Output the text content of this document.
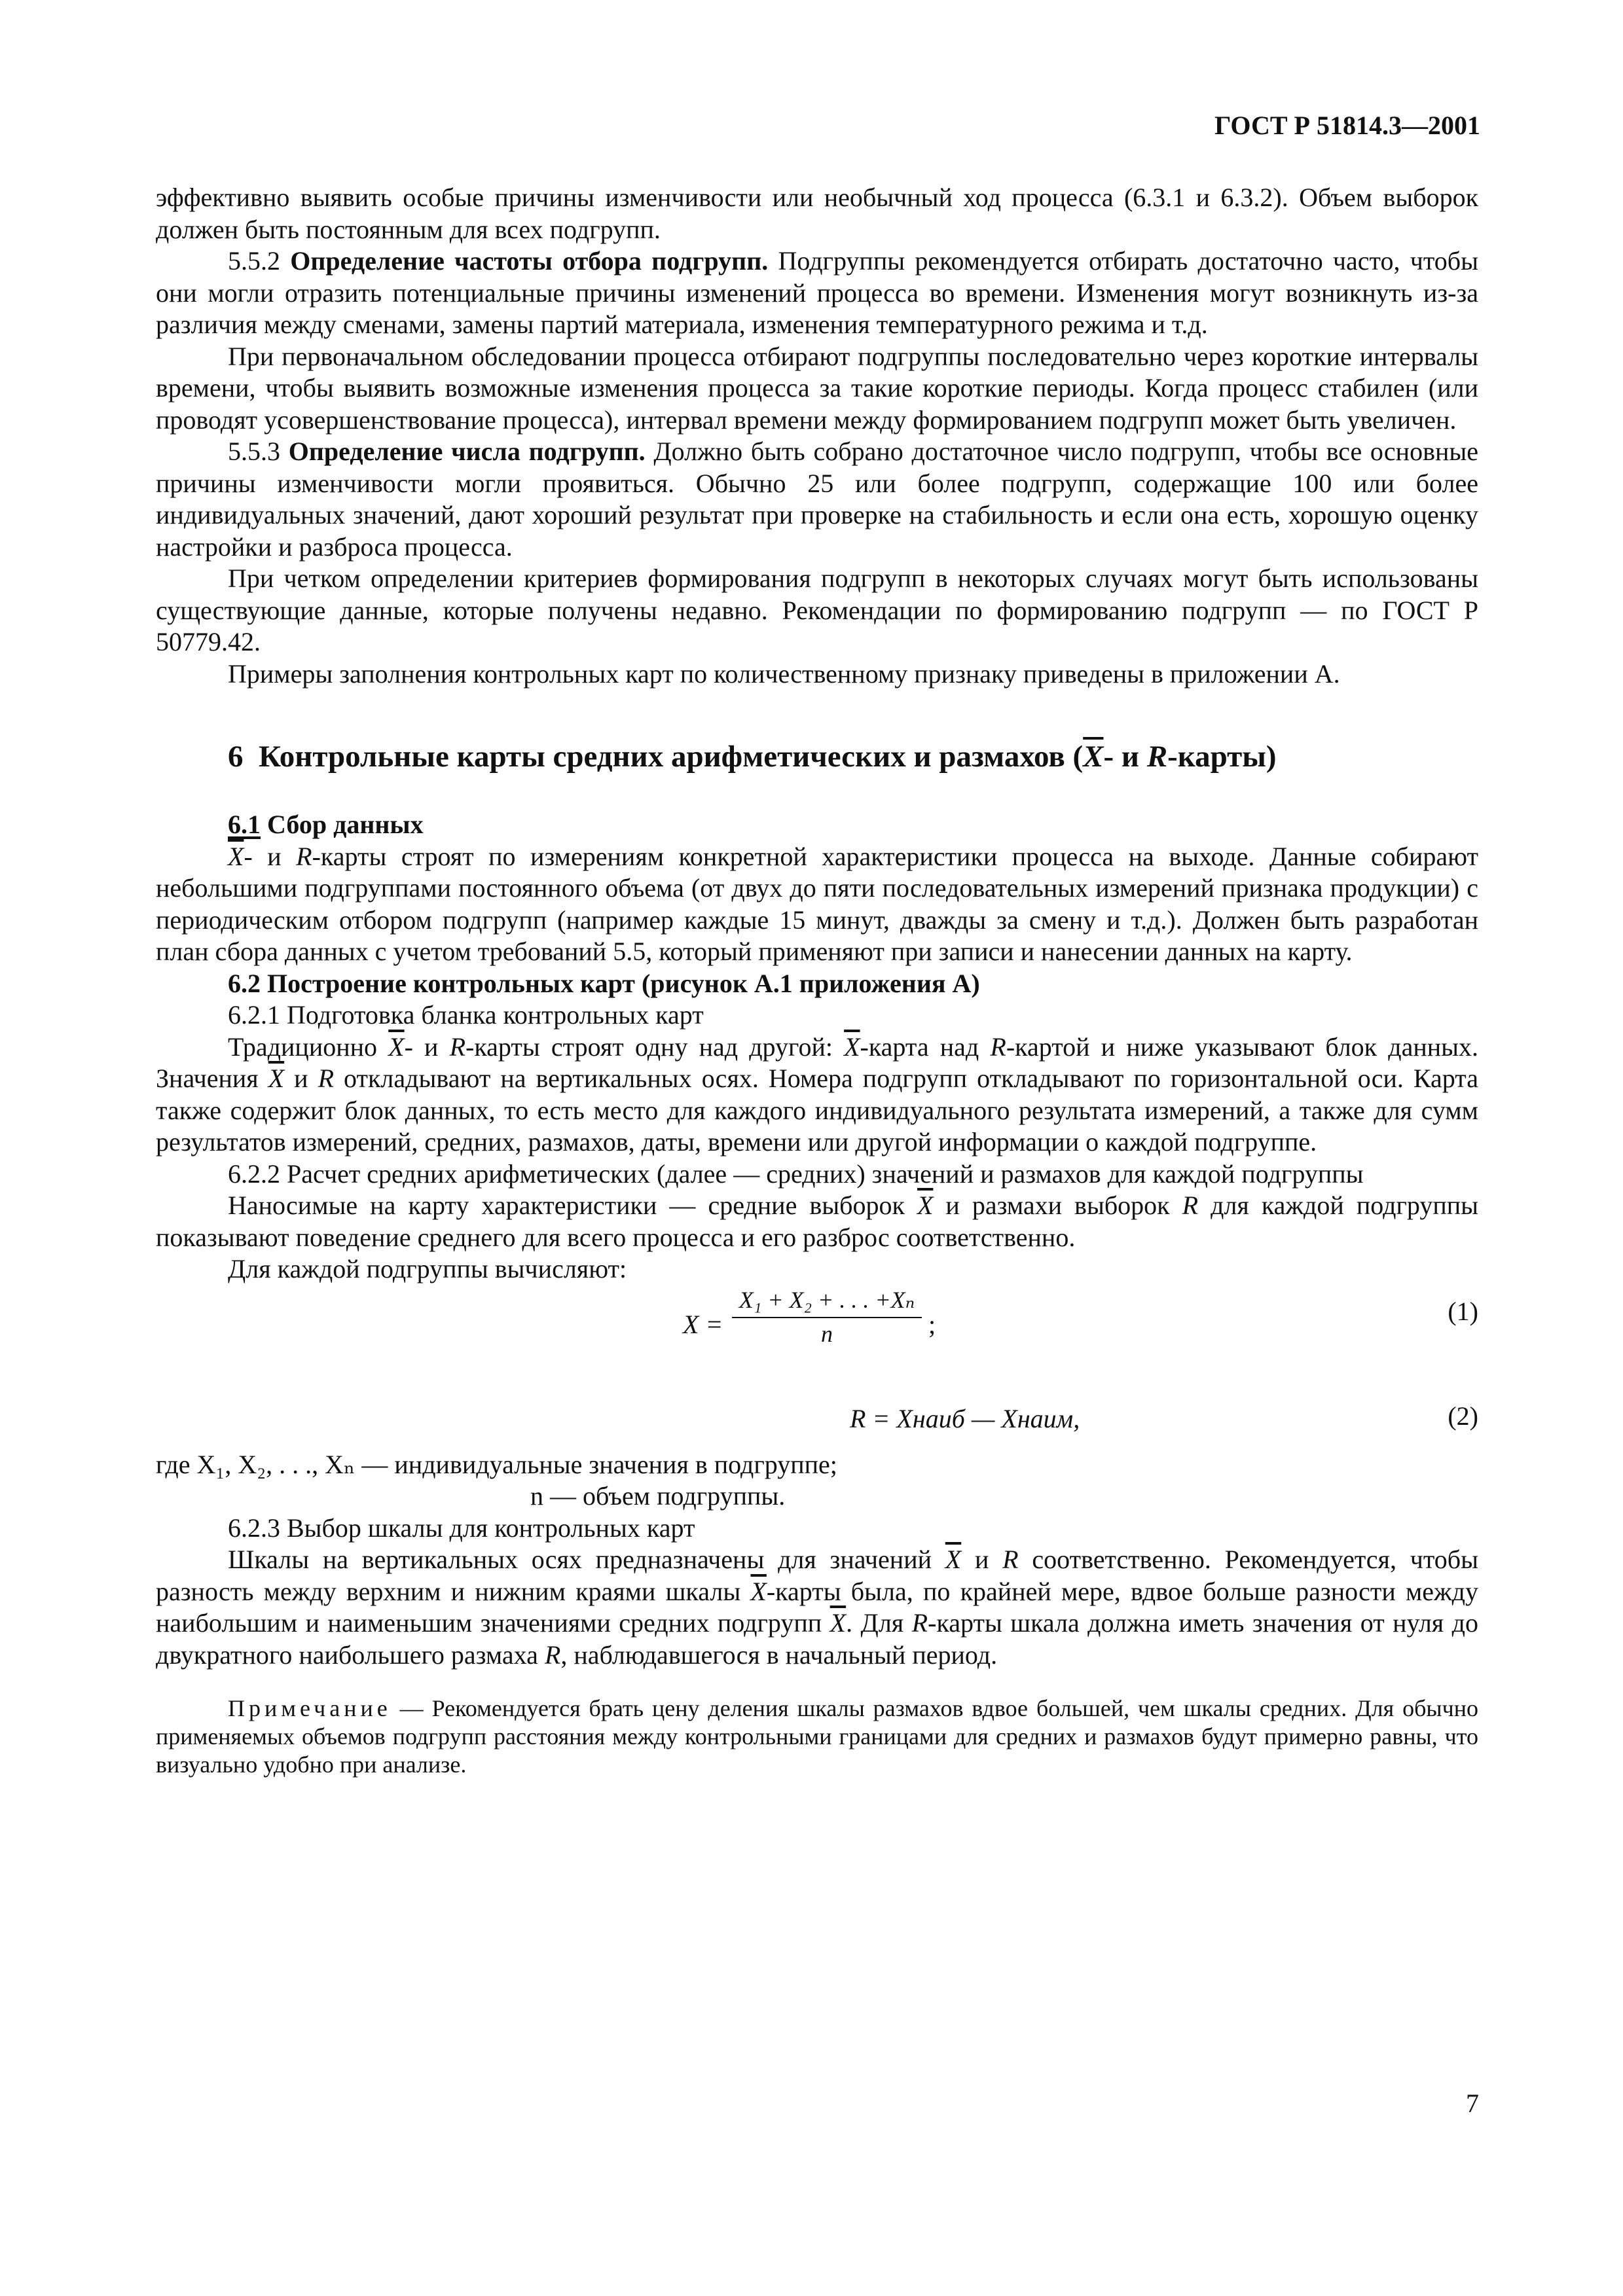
ГОСТ Р 51814.3—2001

эффективно выявить особые причины изменчивости или необычный ход процесса (6.3.1 и 6.3.2). Объем выборок должен быть постоянным для всех подгрупп.

5.5.2 Определение частоты отбора подгрупп. Подгруппы рекомендуется отбирать достаточно часто, чтобы они могли отразить потенциальные причины изменений процесса во времени. Изменения могут возникнуть из-за различия между сменами, замены партий материала, изменения температурного режима и т.д.

При первоначальном обследовании процесса отбирают подгруппы последовательно через короткие интервалы времени, чтобы выявить возможные изменения процесса за такие короткие периоды. Когда процесс стабилен (или проводят усовершенствование процесса), интервал времени между формированием подгрупп может быть увеличен.

5.5.3 Определение числа подгрупп. Должно быть собрано достаточное число подгрупп, чтобы все основные причины изменчивости могли проявиться. Обычно 25 или более подгрупп, содержащие 100 или более индивидуальных значений, дают хороший результат при проверке на стабильность и если она есть, хорошую оценку настройки и разброса процесса.

При четком определении критериев формирования подгрупп в некоторых случаях могут быть использованы существующие данные, которые получены недавно. Рекомендации по формированию подгрупп — по ГОСТ Р 50779.42.

Примеры заполнения контрольных карт по количественному признаку приведены в приложении А.

6 Контрольные карты средних арифметических и размахов ($\overline{X}-$ и R-карты)

6.1 Сбор данных

$\overline{X}-$ и R-карты строят по измерениям конкретной характеристики процесса на выходе. Данные собирают небольшими подгруппами постоянного объема (от двух до пяти последовательных измерений признака продукции) с периодическим отбором подгрупп (например каждые 15 минут, дважды за смену и т.д.). Должен быть разработан план сбора данных с учетом требований 5.5, который применяют при записи и нанесении данных на карту.

6.2 Построение контрольных карт (рисунок А.1 приложения А)

6.2.1 Подготовка бланка контрольных карт

Традиционно $\overline{X}-$ и R-карты строят одну над другой: $\overline{X}$-карта над R-картой и ниже указывают блок данных. Значения $\overline{X}$ и R откладывают на вертикальных осях. Номера подгрупп откладывают по горизонтальной оси. Карта также содержит блок данных, то есть место для каждого индивидуального результата измерений, а также для сумм результатов измерений, средних, размахов, даты, времени или другой информации о каждой подгруппе.

6.2.2 Расчет средних арифметических (далее — средних) значений и размахов для каждой подгруппы

Наносимые на карту характеристики — средние выборок $\overline{X}$ и размахи выборок R для каждой подгруппы показывают поведение среднего для всего процесса и его разброс соответственно.

Для каждой подгруппы вычисляют:

X =
X₁ + X₂ + . . . +Xₙ
n	;	(1)
R = Xнаиб — Xнаим,	(2)

где X₁, X₂, . . ., Xₙ — индивидуальные значения в подгруппе;

n — объем подгруппы.

6.2.3 Выбор шкалы для контрольных карт

Шкалы на вертикальных осях предназначены для значений $\overline{X}$ и R соответственно. Рекомендуется, чтобы разность между верхним и нижним краями шкалы $\overline{X}$-карты была, по крайней мере, вдвое больше разности между наибольшим и наименьшим значениями средних подгрупп $\overline{X}$. Для R-карты шкала должна иметь значения от нуля до двукратного наибольшего размаха R, наблюдавшегося в начальный период.

Примечание — Рекомендуется брать цену деления шкалы размахов вдвое большей, чем шкалы средних. Для обычно применяемых объемов подгрупп расстояния между контрольными границами для средних и размахов будут примерно равны, что визуально удобно при анализе.

7
